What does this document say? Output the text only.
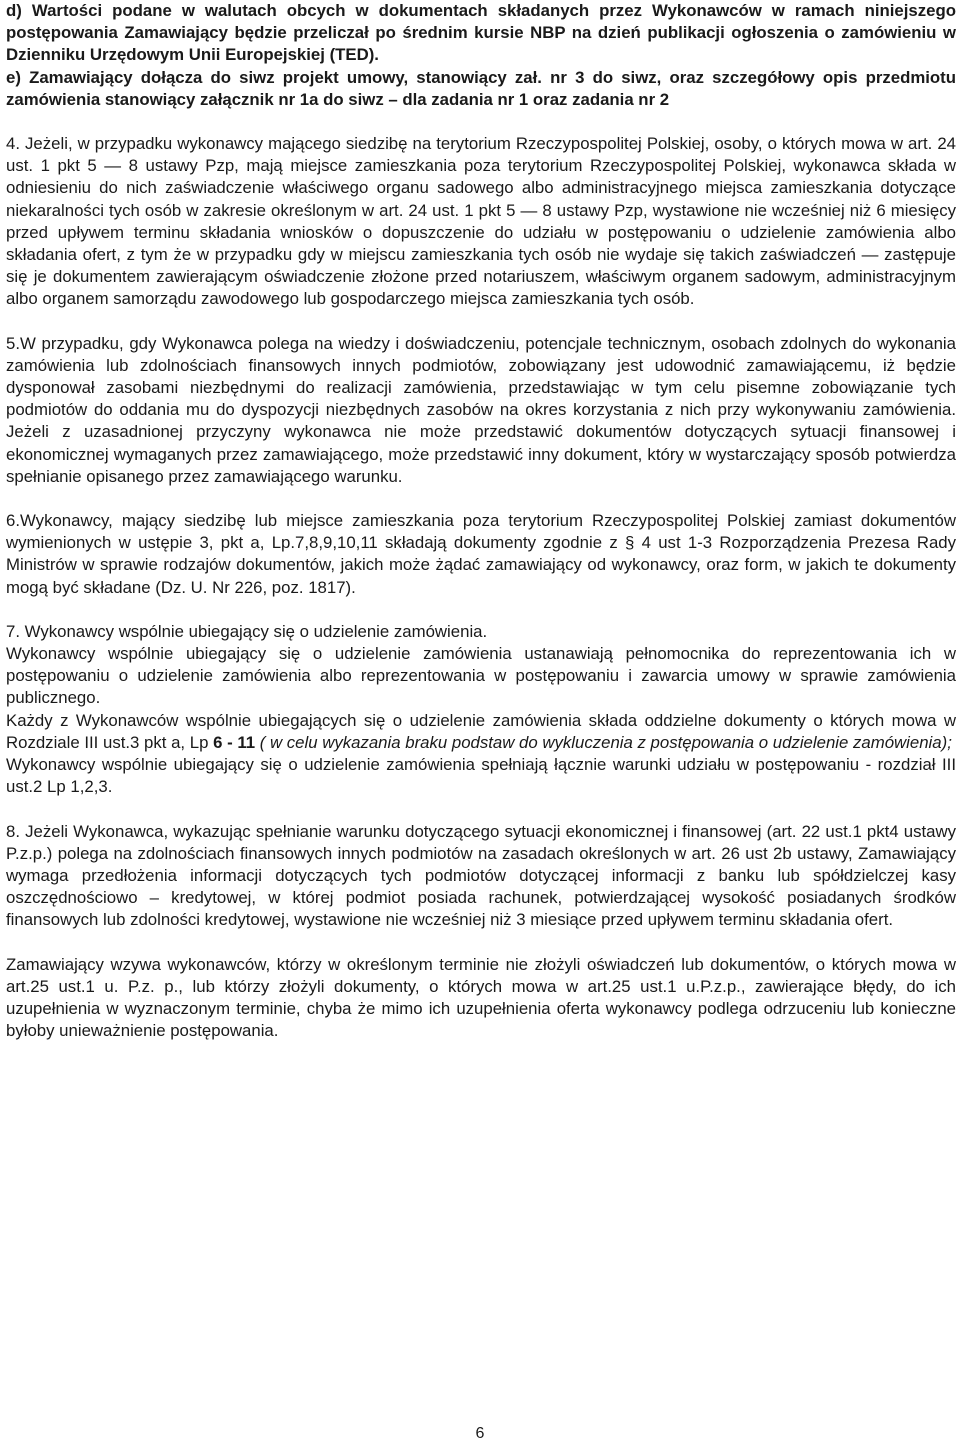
d) Wartości podane w walutach obcych w dokumentach składanych przez Wykonawców w ramach niniejszego postępowania Zamawiający będzie przeliczał po średnim kursie NBP na dzień publikacji ogłoszenia o zamówieniu w Dzienniku Urzędowym Unii Europejskiej (TED).

e) Zamawiający dołącza do siwz projekt umowy, stanowiący zał. nr 3 do siwz, oraz szczegółowy opis przedmiotu zamówienia stanowiący załącznik nr 1a do siwz – dla zadania nr 1 oraz zadania nr 2

4. Jeżeli, w przypadku wykonawcy mającego siedzibę na terytorium Rzeczypospolitej Polskiej, osoby, o których mowa w art. 24 ust. 1 pkt 5 — 8 ustawy Pzp, mają miejsce zamieszkania poza terytorium Rzeczypospolitej Polskiej, wykonawca składa w odniesieniu do nich zaświadczenie właściwego organu sadowego albo administracyjnego miejsca zamieszkania dotyczące niekaralności tych osób w zakresie określonym w art. 24 ust. 1 pkt 5 — 8 ustawy Pzp, wystawione nie wcześniej niż 6 miesięcy przed upływem terminu składania wniosków o dopuszczenie do udziału w postępowaniu o udzielenie zamówienia albo składania ofert, z tym że w przypadku gdy w miejscu zamieszkania tych osób nie wydaje się takich zaświadczeń — zastępuje się je dokumentem zawierającym oświadczenie złożone przed notariuszem, właściwym organem sadowym, administracyjnym albo organem samorządu zawodowego lub gospodarczego miejsca zamieszkania tych osób.

5.W przypadku, gdy Wykonawca polega na wiedzy i doświadczeniu, potencjale technicznym, osobach zdolnych do wykonania zamówienia lub zdolnościach finansowych innych podmiotów, zobowiązany jest udowodnić zamawiającemu, iż będzie dysponował zasobami niezbędnymi do realizacji zamówienia, przedstawiając w tym celu pisemne zobowiązanie tych podmiotów do oddania mu do dyspozycji niezbędnych zasobów na okres korzystania z nich przy wykonywaniu zamówienia. Jeżeli z uzasadnionej przyczyny wykonawca nie może przedstawić dokumentów dotyczących sytuacji finansowej i ekonomicznej wymaganych przez zamawiającego, może przedstawić inny dokument, który w wystarczający sposób potwierdza spełnianie opisanego przez zamawiającego warunku.

6.Wykonawcy, mający siedzibę lub miejsce zamieszkania poza terytorium Rzeczypospolitej Polskiej zamiast dokumentów wymienionych w ustępie 3, pkt a, Lp.7,8,9,10,11 składają dokumenty zgodnie z § 4 ust 1-3 Rozporządzenia Prezesa Rady Ministrów w sprawie rodzajów dokumentów, jakich może żądać zamawiający od wykonawcy, oraz form, w jakich te dokumenty mogą być składane (Dz. U. Nr 226, poz. 1817).

7. Wykonawcy wspólnie ubiegający się o udzielenie zamówienia.

Wykonawcy wspólnie ubiegający się o udzielenie zamówienia ustanawiają pełnomocnika do reprezentowania ich w postępowaniu o udzielenie zamówienia albo reprezentowania w postępowaniu i zawarcia umowy w sprawie zamówienia publicznego.

Każdy z Wykonawców wspólnie ubiegających się o udzielenie zamówienia składa oddzielne dokumenty o których mowa w Rozdziale III ust.3 pkt a, Lp 6 - 11 ( w celu wykazania braku podstaw do wykluczenia z postępowania o udzielenie zamówienia);

Wykonawcy wspólnie ubiegający się o udzielenie zamówienia spełniają łącznie warunki udziału w postępowaniu - rozdział III ust.2 Lp 1,2,3.

8. Jeżeli Wykonawca, wykazując spełnianie warunku dotyczącego sytuacji ekonomicznej i finansowej (art. 22 ust.1 pkt4 ustawy P.z.p.) polega na zdolnościach finansowych innych podmiotów na zasadach określonych w art. 26 ust 2b ustawy, Zamawiający wymaga przedłożenia informacji dotyczących tych podmiotów dotyczącej informacji z banku lub spółdzielczej kasy oszczędnościowo – kredytowej, w której podmiot posiada rachunek, potwierdzającej wysokość posiadanych środków finansowych lub zdolności kredytowej, wystawione nie wcześniej niż 3 miesiące przed upływem terminu składania ofert.

Zamawiający wzywa wykonawców, którzy w określonym terminie nie złożyli oświadczeń lub dokumentów, o których mowa w art.25 ust.1 u. P.z. p., lub którzy złożyli dokumenty, o których mowa w art.25 ust.1 u.P.z.p., zawierające błędy, do ich uzupełnienia w wyznaczonym terminie, chyba że mimo ich uzupełnienia oferta wykonawcy podlega odrzuceniu lub konieczne byłoby unieważnienie postępowania.

6
